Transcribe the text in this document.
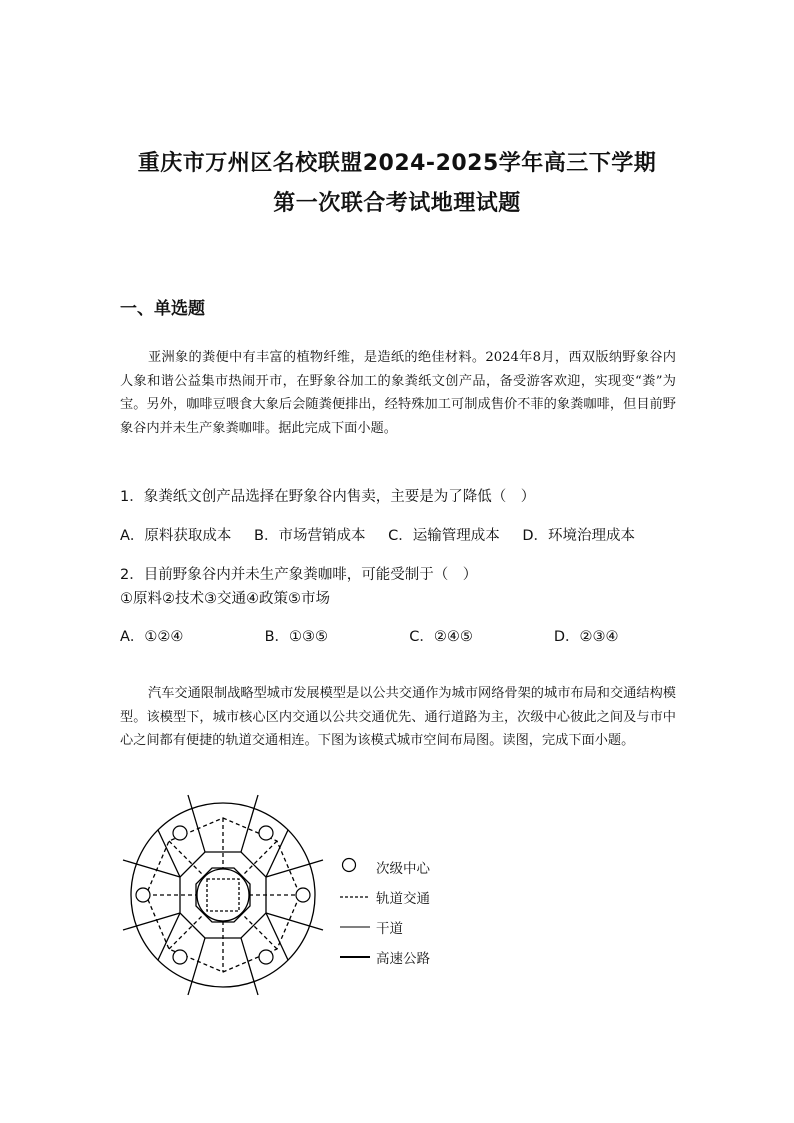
重庆市万州区名校联盟2024-2025学年高三下学期
第一次联合考试地理试题
一、单选题
亚洲象的粪便中有丰富的植物纤维，是造纸的绝佳材料。2024年8月，西双版纳野象谷内人象和谐公益集市热闹开市，在野象谷加工的象粪纸文创产品，备受游客欢迎，实现变“粪”为宝。另外，咖啡豆喂食大象后会随粪便排出，经特殊加工可制成售价不菲的象粪咖啡，但目前野象谷内并未生产象粪咖啡。据此完成下面小题。
1．象粪纸文创产品选择在野象谷内售卖，主要是为了降低（　）
A．原料获取成本 B．市场营销成本 C．运输管理成本 D．环境治理成本
2．目前野象谷内并未生产象粪咖啡，可能受制于（　）
①原料②技术③交通④政策⑤市场
A．①②④	B．①③⑤	C．②④⑤	D．②③④
汽车交通限制战略型城市发展模型是以公共交通作为城市网络骨架的城市布局和交通结构模型。该模型下，城市核心区内交通以公共交通优先、通行道路为主，次级中心彼此之间及与市中心之间都有便捷的轨道交通相连。下图为该模式城市空间布局图。读图，完成下面小题。
次级中心
轨道交通
干道
高速公路
